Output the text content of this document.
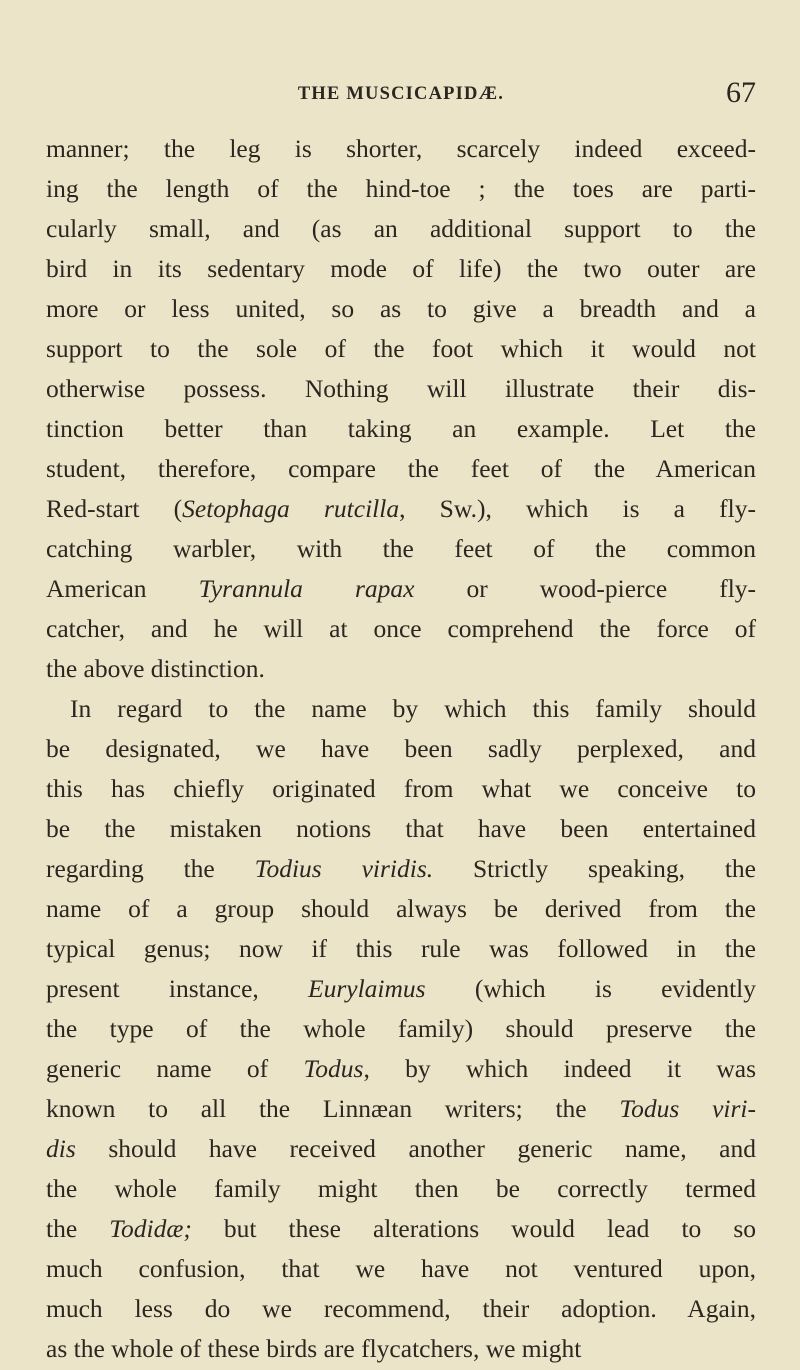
THE MUSCICAPIDÆ.	67
manner; the leg is shorter, scarcely indeed exceed-
ing the length of the hind-toe ; the toes are parti-
cularly small, and (as an additional support to the
bird in its sedentary mode of life) the two outer are
more or less united, so as to give a breadth and a
support to the sole of the foot which it would not
otherwise possess. Nothing will illustrate their dis-
tinction better than taking an example. Let the
student, therefore, compare the feet of the American
Red-start (Setophaga rutcilla, Sw.), which is a fly-
catching warbler, with the feet of the common
American Tyrannula rapax or wood-pierce fly-
catcher, and he will at once comprehend the force of
the above distinction.
In regard to the name by which this family should
be designated, we have been sadly perplexed, and
this has chiefly originated from what we conceive to
be the mistaken notions that have been entertained
regarding the Todius viridis. Strictly speaking, the
name of a group should always be derived from the
typical genus; now if this rule was followed in the
present instance, Eurylaimus (which is evidently
the type of the whole family) should preserve the
generic name of Todus, by which indeed it was
known to all the Linnæan writers; the Todus viri-
dis should have received another generic name, and
the whole family might then be correctly termed
the Todidæ; but these alterations would lead to so
much confusion, that we have not ventured upon,
much less do we recommend, their adoption. Again,
as the whole of these birds are flycatchers, we might
